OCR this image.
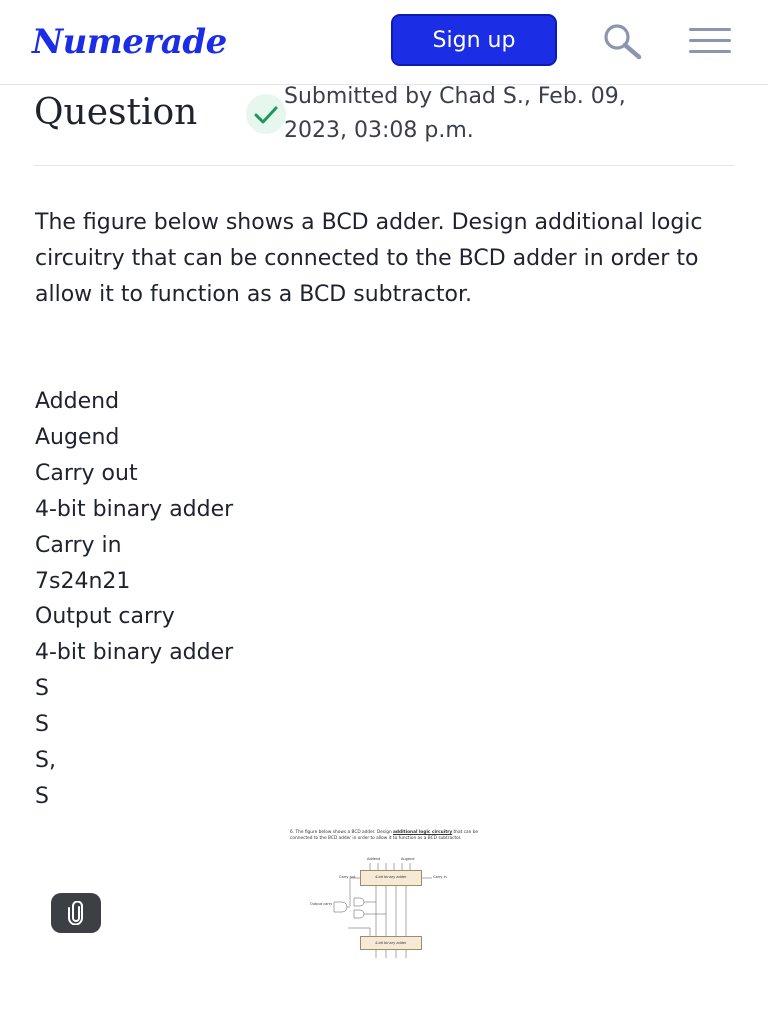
Numerade	Sign up
Question	Submitted by Chad S., Feb. 09,
2023, 03:08 p.m.

The figure below shows a BCD adder. Design additional logic circuitry that can be connected to the BCD adder in order to allow it to function as a BCD subtractor.

Addend
Augend
Carry out
4-bit binary adder
Carry in
7s24n21
Output carry
4-bit binary adder
S
S
S,
S
6. The figure below shows a BCD adder. Design additional logic circuitry that can be connected to the BCD adder in order to allow it to function as a BCD subtractor.
Addend	Augend
Carry out	Carry in
4-bit binary adder
Output carry
4-bit binary adder
